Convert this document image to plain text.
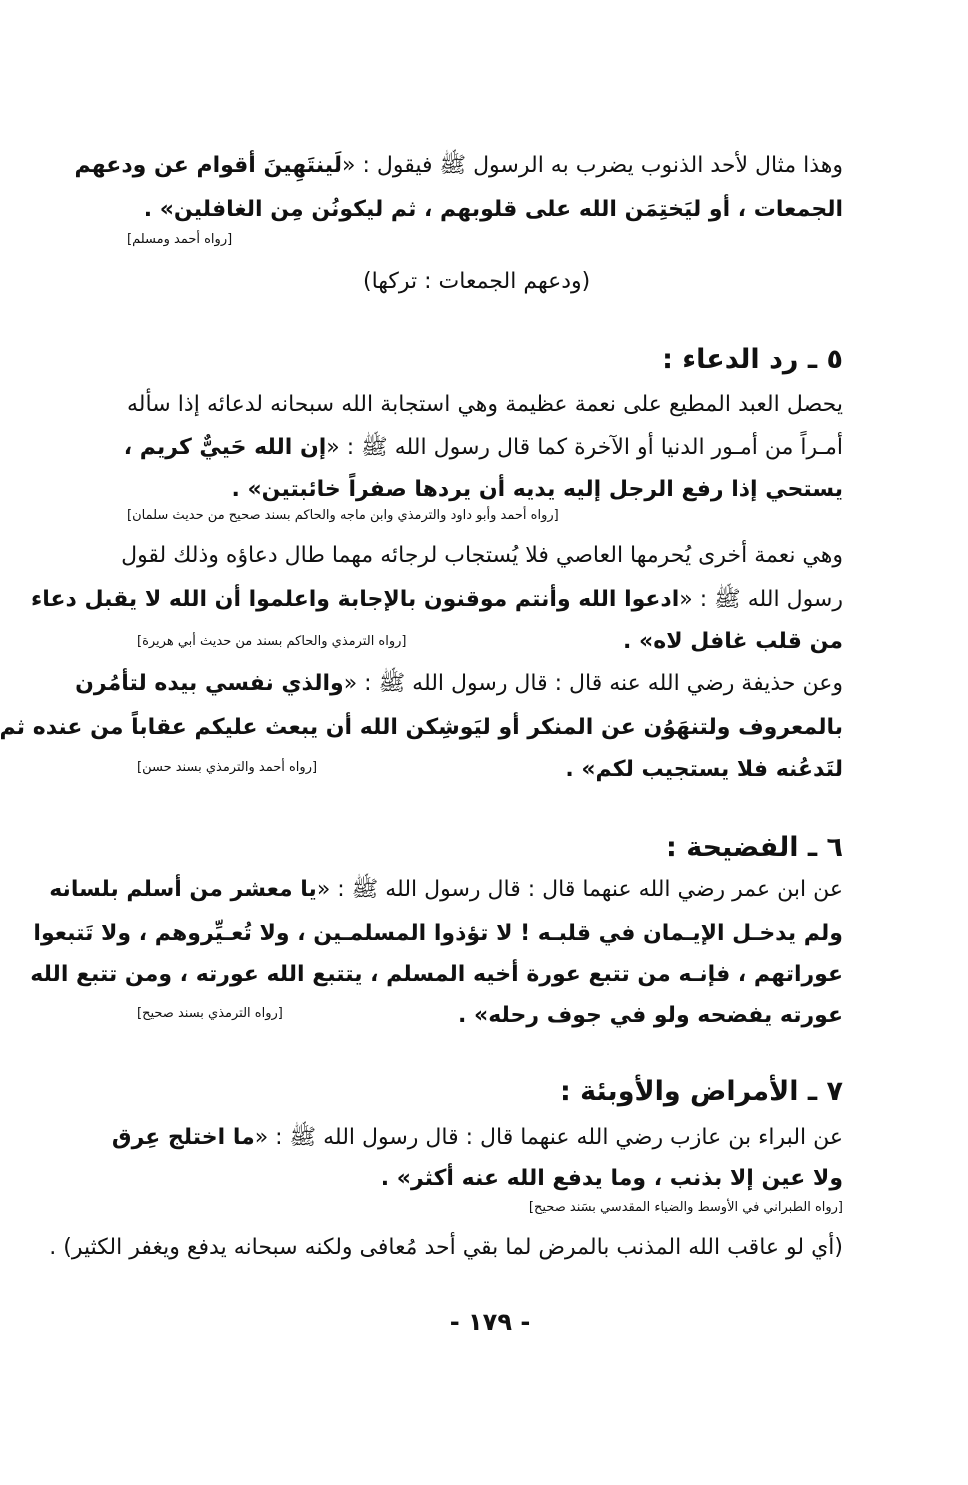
وهذا مثال لأحد الذنوب يضرب به الرسول ﷺ فيقول : «لَينتَهِينَ أقوام عن ودعهم
الجمعات ، أو ليَختِمَن الله على قلوبهم ، ثم ليكونُن مِن الغافلين» .
[رواه أحمد ومسلم]
(ودعهم الجمعات : تركها)
٥ ـ رد الدعاء :
يحصل العبد المطيع على نعمة عظيمة وهي استجابة الله سبحانه لدعائه إذا سأله
أمـراً من أمـور الدنيا أو الآخرة كما قال رسول الله ﷺ : «إن الله حَييٌّ كريم ،
يستحي إذا رفع الرجل إليه يديه أن يردها صفراً خائبتين» .
[رواه أحمد وأبو داود والترمذي وابن ماجه والحاكم بسند صحيح من حديث سلمان]
وهي نعمة أخرى يُحرمها العاصي فلا يُستجاب لرجائه مهما طال دعاؤه وذلك لقول
رسول الله ﷺ : «ادعوا الله وأنتم موقنون بالإجابة واعلموا أن الله لا يقبل دعاء
من قلب غافل لاه» .
[رواه الترمذي والحاكم بسند من حديث أبي هريرة]
وعن حذيفة رضي الله عنه قال : قال رسول الله ﷺ : «والذي نفسي بيده لتأمُرن
بالمعروف ولتنهَوُن عن المنكر أو ليَوشِكن الله أن يبعث عليكم عقاباً من عنده ثم
لتَدعُنه فلا يستجيب لكم» .
[رواه أحمد والترمذي بسند حسن]
٦ ـ الفضيحة :
عن ابن عمر رضي الله عنهما قال : قال رسول الله ﷺ : «يا معشر من أسلم بلسانه
ولم يدخـل الإيـمان في قلبـه ! لا تؤذوا المسلمـين ، ولا تُعـيِّروهم ، ولا تَتبعوا
عوراتهم ، فإنـه من تتبع عورة أخيه المسلم ، يتتبع الله عورته ، ومن تتبع الله
عورته يفضحه ولو في جوف رحله» .
[رواه الترمذي بسند صحيح]
٧ ـ الأمراض والأوبئة :
عن البراء بن عازب رضي الله عنهما قال : قال رسول الله ﷺ : «ما اختلج عِرق
ولا عين إلا بذنب ، وما يدفع الله عنه أكثر» .
[رواه الطبراني في الأوسط والضياء المقدسي بسَند صحيح]
(أي لو عاقب الله المذنب بالمرض لما بقي أحد مُعافى ولكنه سبحانه يدفع ويغفر الكثير) .
- ١٧٩ -
